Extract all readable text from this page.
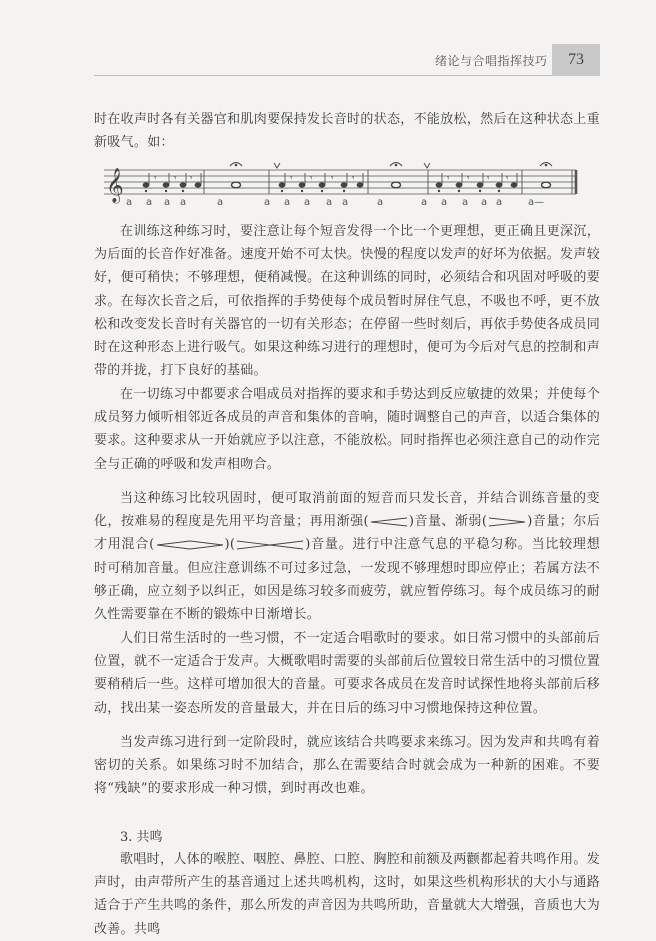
绪论与合唱指挥技巧	73

时在收声时各有关器官和肌肉要保持发长音时的状态，不能放松，然后在这种状态上重新吸气。如：

𝄞	𝄾 𝄾 𝄾	𝄾 𝄾 𝄾 𝄾	𝄾 𝄾 𝄾 𝄾
a a a a	a	a a a a a	a	a a a a a	a—

在训练这种练习时，要注意让每个短音发得一个比一个更理想，更正确且更深沉，为后面的长音作好准备。速度开始不可太快。快慢的程度以发声的好坏为依据。发声较好，便可稍快；不够理想，便稍减慢。在这种训练的同时，必须结合和巩固对呼吸的要求。在每次长音之后，可依指挥的手势使每个成员暂时屏住气息，不吸也不呼，更不放松和改变发长音时有关器官的一切有关形态；在停留一些时刻后，再依手势使各成员同时在这种形态上进行吸气。如果这种练习进行的理想时，便可为今后对气息的控制和声带的并拢，打下良好的基础。

在一切练习中都要求合唱成员对指挥的要求和手势达到反应敏捷的效果；并使每个成员努力倾听相邻近各成员的声音和集体的音响，随时调整自己的声音，以适合集体的要求。这种要求从一开始就应予以注意，不能放松。同时指挥也必须注意自己的动作完全与正确的呼吸和发声相吻合。

当这种练习比较巩固时，便可取消前面的短音而只发长音，并结合训练音量的变化，按难易的程度是先用平均音量；再用渐强(	)音量、渐弱(	)音量；尔后才用混合(	)(	)音量。进行中注意气息的平稳匀称。当比较理想时可稍加音量。但应注意训练不可过多过急，一发现不够理想时即应停止；若属方法不够正确，应立刻予以纠正，如因是练习较多而疲劳，就应暂停练习。每个成员练习的耐久性需要靠在不断的锻炼中日渐增长。

人们日常生活时的一些习惯，不一定适合唱歌时的要求。如日常习惯中的头部前后位置，就不一定适合于发声。大概歌唱时需要的头部前后位置较日常生活中的习惯位置要稍稍后一些。这样可增加很大的音量。可要求各成员在发音时试探性地将头部前后移动，找出某一姿态所发的音量最大，并在日后的练习中习惯地保持这种位置。

当发声练习进行到一定阶段时，就应该结合共鸣要求来练习。因为发声和共鸣有着密切的关系。如果练习时不加结合，那么在需要结合时就会成为一种新的困难。不要将“残缺”的要求形成一种习惯，到时再改也难。

3. 共鸣

歌唱时，人体的喉腔、咽腔、鼻腔、口腔、胸腔和前额及两颧都起着共鸣作用。发声时，由声带所产生的基音通过上述共鸣机构，这时，如果这些机构形状的大小与通路适合于产生共鸣的条件，那么所发的声音因为共鸣所助，音量就大大增强，音质也大为改善。共鸣
